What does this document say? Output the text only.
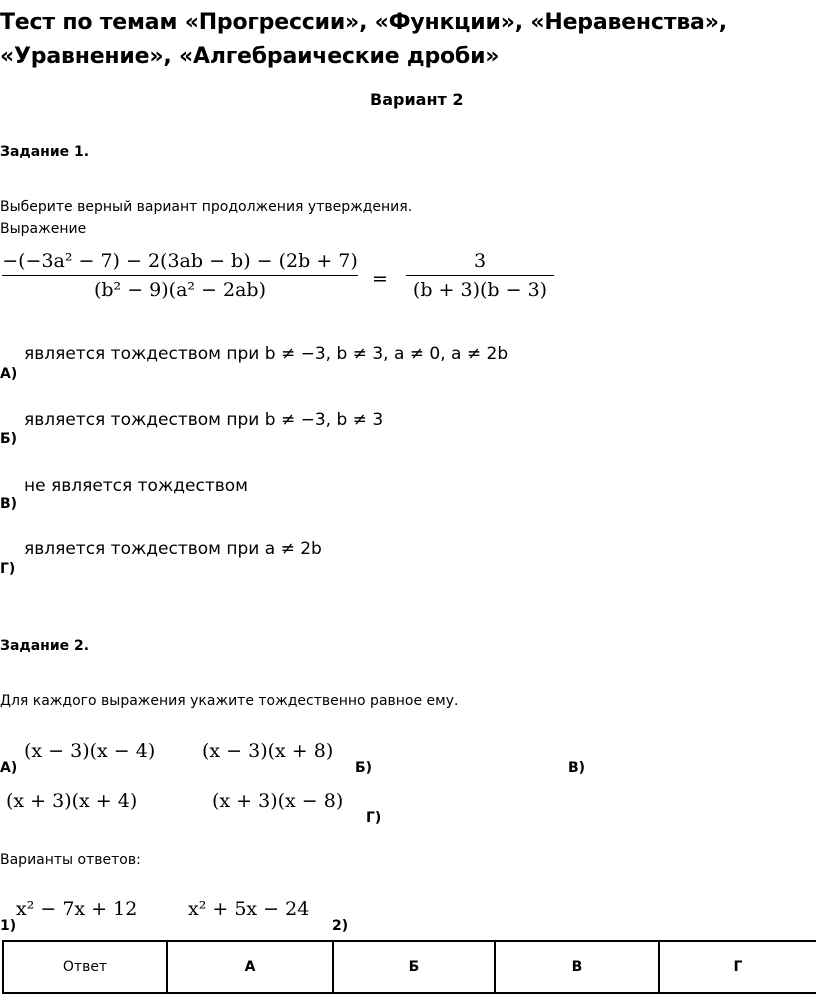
Тест по темам «Прогрессии», «Функции», «Неравенства»,
«Уравнение», «Алгебраические дроби»
Вариант 2
Задание 1.
Выберите верный вариант продолжения утверждения.
Выражение
−(−3a² − 7) − 2(3ab − b) − (2b + 7)
(b² − 9)(a² − 2ab)	=
3
(b + 3)(b − 3)
А)
является тождеством при b ≠ −3, b ≠ 3, a ≠ 0, a ≠ 2b
Б)
является тождеством при b ≠ −3, b ≠ 3
В)
не является тождеством
Г)
является тождеством при a ≠ 2b
Задание 2.
Для каждого выражения укажите тождественно равное ему.
А)
(x − 3)(x − 4) (x − 3)(x + 8)
Б)	В)
(x + 3)(x + 4)	(x + 3)(x − 8)
Г)
Варианты ответов:
1)
x² − 7x + 12	x² + 5x − 24
2)
Ответ	А	Б	В	Г
